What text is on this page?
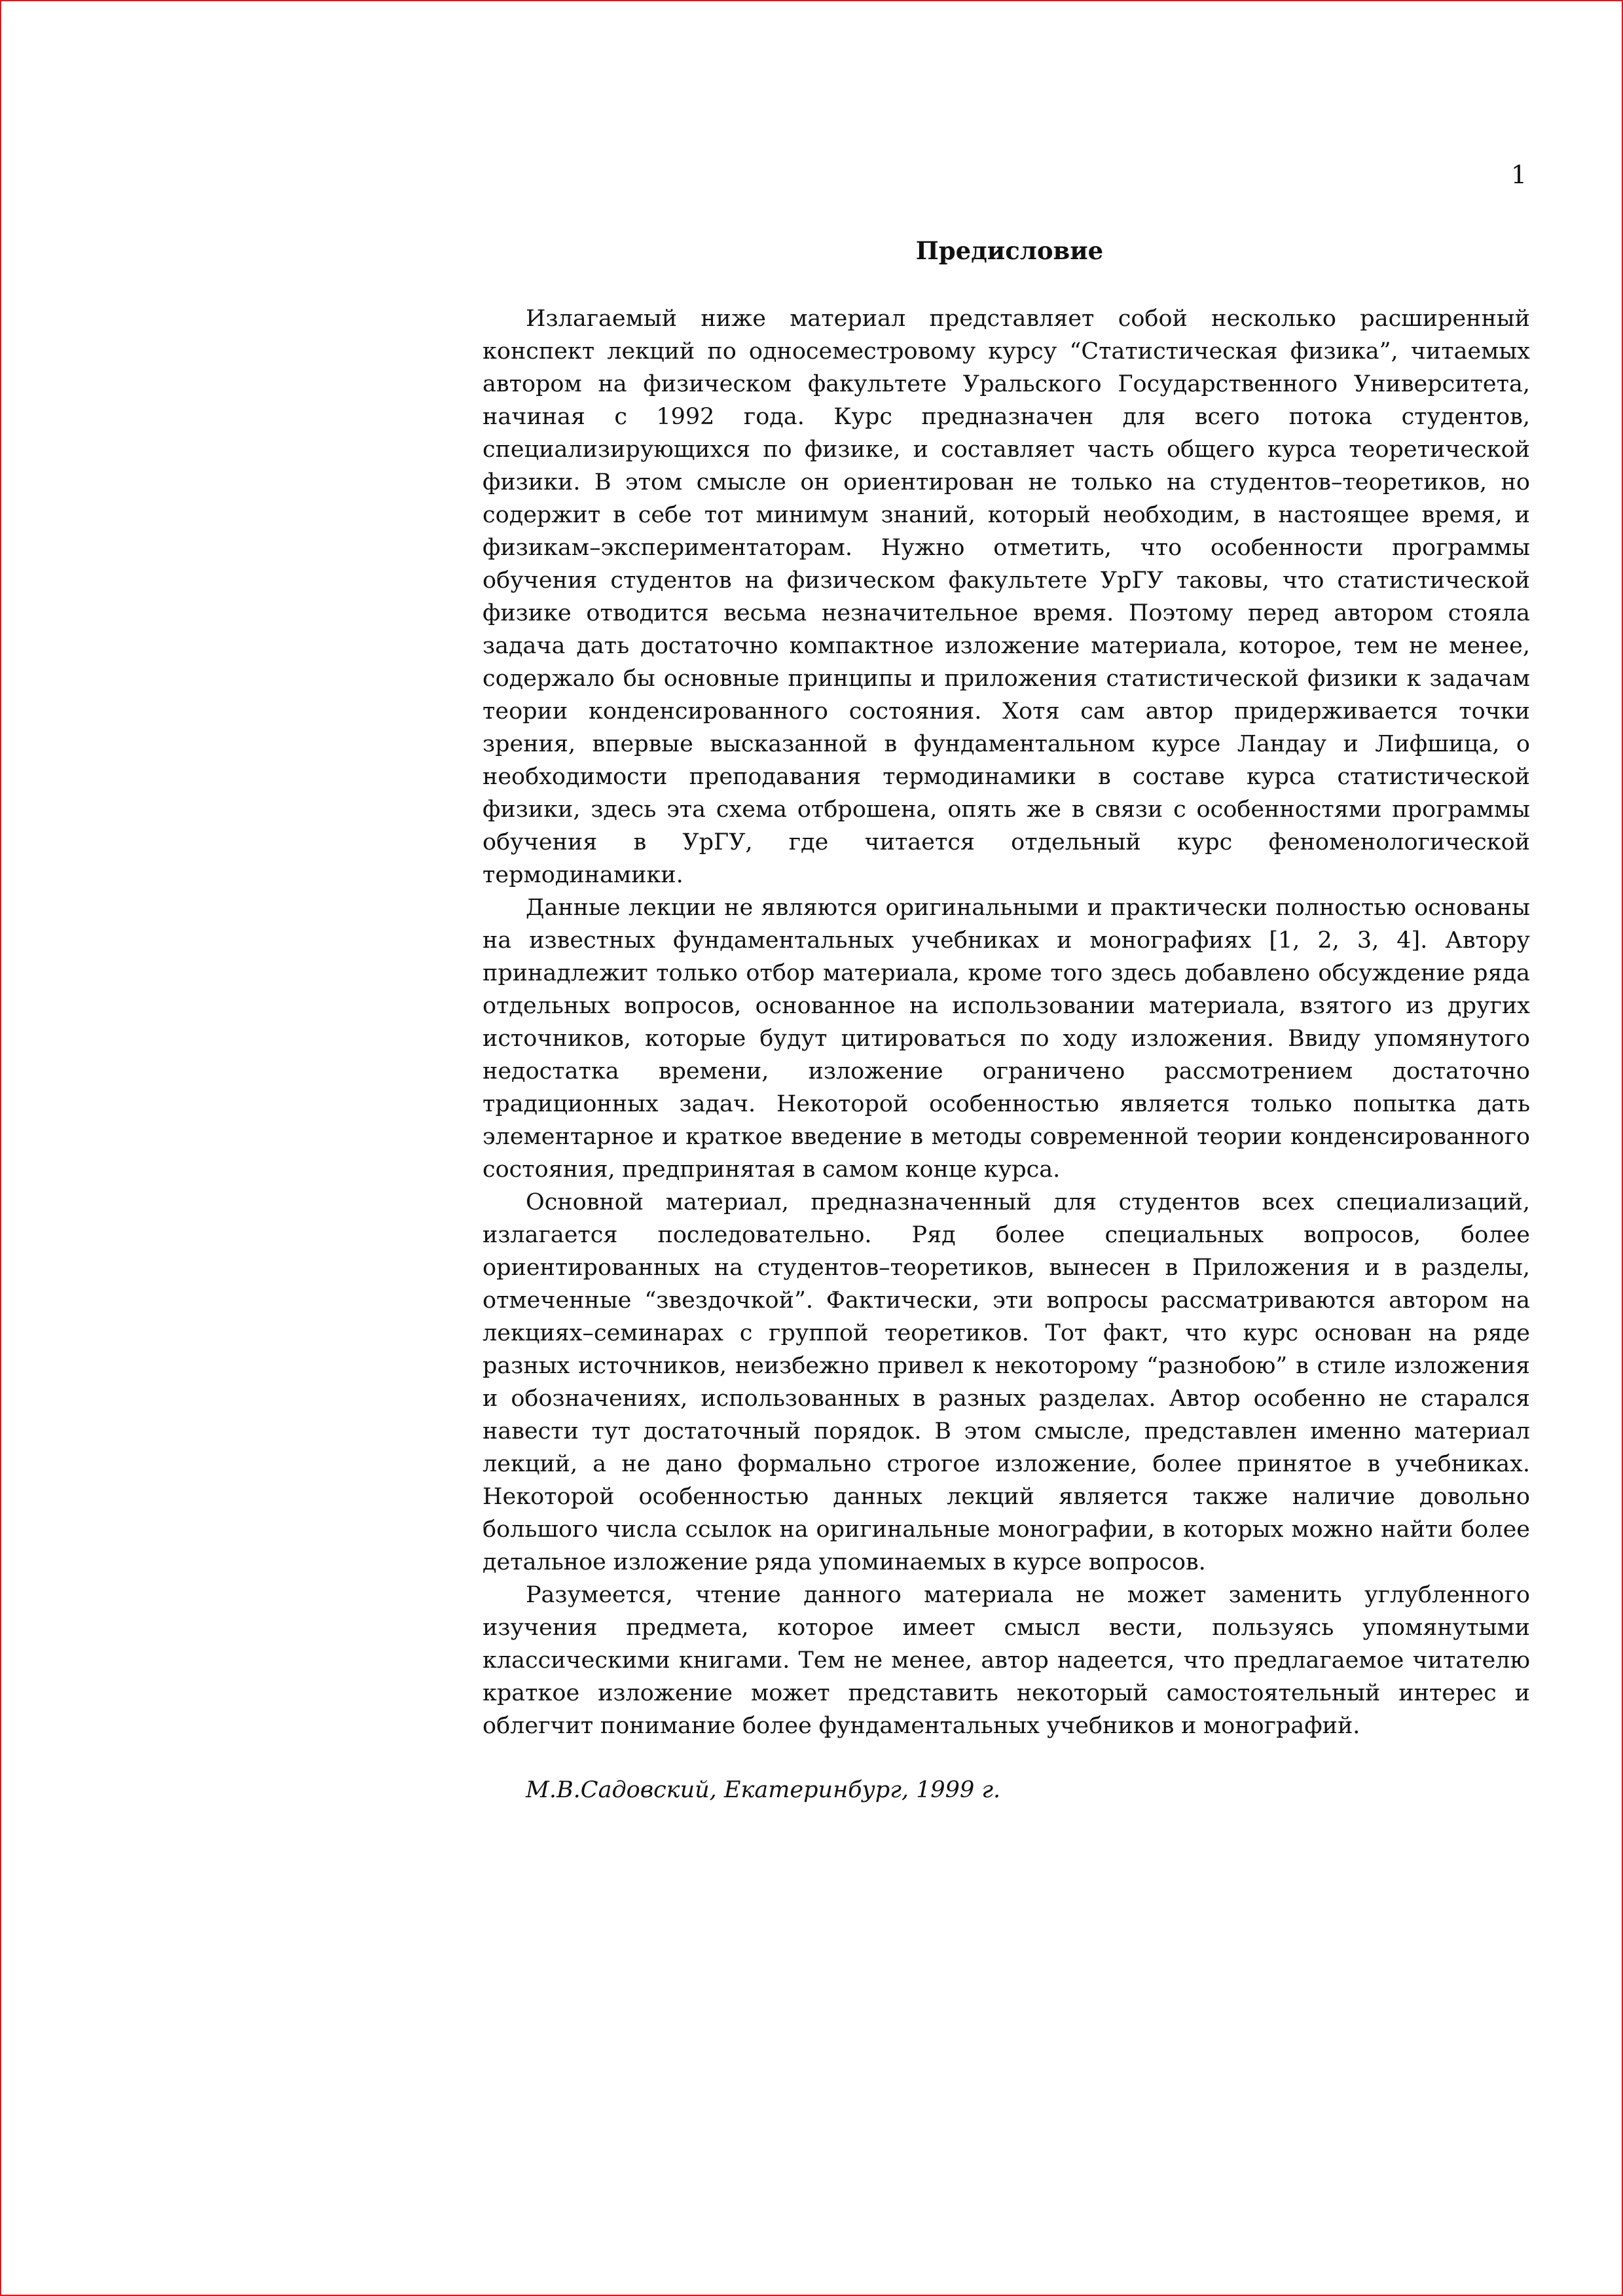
1
Предисловие

Излагаемый ниже материал представляет собой несколько расширенный конспект лекций по односеместровому курсу “Статистическая физика”, читаемых автором на физическом факультете Уральского Государственного Университета, начиная с 1992 года. Курс предназначен для всего потока студентов, специализирующихся по физике, и составляет часть общего курса теоретической физики. В этом смысле он ориентирован не только на студентов–теоретиков, но содержит в себе тот минимум знаний, который необходим, в настоящее время, и физикам–экспериментаторам. Нужно отметить, что особенности программы обучения студентов на физическом факультете УрГУ таковы, что статистической физике отводится весьма незначительное время. Поэтому перед автором стояла задача дать достаточно компактное изложение материала, которое, тем не менее, содержало бы основные принципы и приложения статистической физики к задачам теории конденсированного состояния. Хотя сам автор придерживается точки зрения, впервые высказанной в фундаментальном курсе Ландау и Лифшица, о необходимости преподавания термодинамики в составе курса статистической физики, здесь эта схема отброшена, опять же в связи с особенностями программы обучения в УрГУ, где читается отдельный курс феноменологической термодинамики.

Данные лекции не являются оригинальными и практически полностью основаны на известных фундаментальных учебниках и монографиях [1, 2, 3, 4]. Автору принадлежит только отбор материала, кроме того здесь добавлено обсуждение ряда отдельных вопросов, основанное на использовании материала, взятого из других источников, которые будут цитироваться по ходу изложения. Ввиду упомянутого недостатка времени, изложение ограничено рассмотрением достаточно традиционных задач. Некоторой особенностью является только попытка дать элементарное и краткое введение в методы современной теории конденсированного состояния, предпринятая в самом конце курса.

Основной материал, предназначенный для студентов всех специализаций, излагается последовательно. Ряд более специальных вопросов, более ориентированных на студентов–теоретиков, вынесен в Приложения и в разделы, отмеченные “звездочкой”. Фактически, эти вопросы рассматриваются автором на лекциях–семинарах с группой теоретиков. Тот факт, что курс основан на ряде разных источников, неизбежно привел к некоторому “разнобою” в стиле изложения и обозначениях, использованных в разных разделах. Автор особенно не старался навести тут достаточный порядок. В этом смысле, представлен именно материал лекций, а не дано формально строгое изложение, более принятое в учебниках. Некоторой особенностью данных лекций является также наличие довольно большого числа ссылок на оригинальные монографии, в которых можно найти более детальное изложение ряда упоминаемых в курсе вопросов.

Разумеется, чтение данного материала не может заменить углубленного изучения предмета, которое имеет смысл вести, пользуясь упомянутыми классическими книгами. Тем не менее, автор надеется, что предлагаемое читателю краткое изложение может представить некоторый самостоятельный интерес и облегчит понимание более фундаментальных учебников и монографий.

М.В.Садовский, Екатеринбург, 1999 г.
